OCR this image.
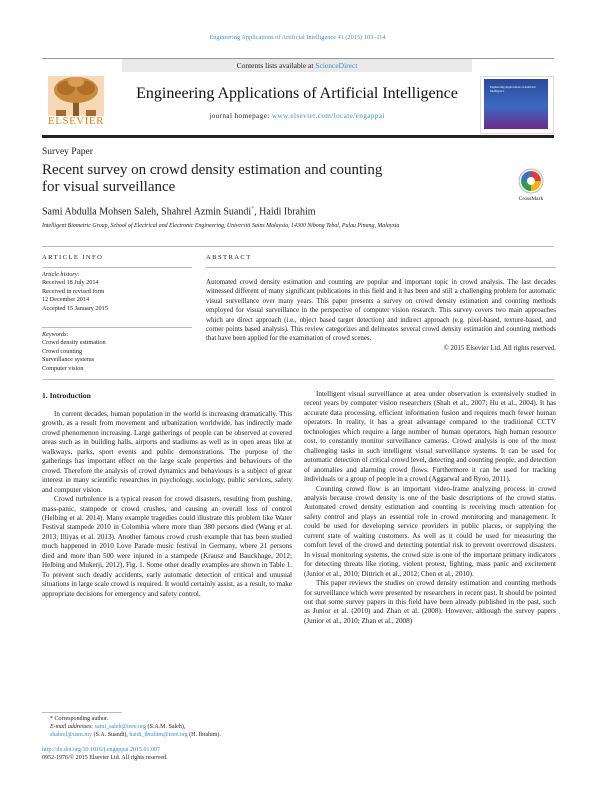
Engineering Applications of Artificial Intelligence 41 (2015) 103–114
Contents lists available at ScienceDirect
ELSEVIER
Engineering Applications of Artificial Intelligence
journal homepage: www.elsevier.com/locate/engappai
Engineering Applications of Artificial Intelligence
Survey Paper
Recent survey on crowd density estimation and counting
for visual surveillance
CrossMark
Sami Abdulla Mohsen Saleh, Shahrel Azmin Suandi*, Haidi Ibrahim
Intelligent Biometric Group, School of Electrical and Electronic Engineering, Universiti Sains Malaysia, 14300 Nibong Tebal, Pulau Pinang, Malaysia
ARTICLE INFO
Article history:
Received 18 July 2014
Received in revised form
12 December 2014
Accepted 15 January 2015
Keywords:
Crowd density estimation
Crowd counting
Surveillance systems
Computer vision
ABSTRACT
Automated crowd density estimation and counting are popular and important topic in crowd analysis. The last decades witnessed different of many significant publications in this field and it has been and still a challenging problem for automatic visual surveillance over many years. This paper presents a survey on crowd density estimation and counting methods employed for visual surveillance in the perspective of computer vision research. This survey covers two main approaches which are direct approach (i.e., object based target detection) and indirect approach (e.g. pixel-based, texture-based, and corner points based analysis). This review categorizes and delineates several crowd density estimation and counting methods that have been applied for the examination of crowd scenes.
© 2015 Elsevier Ltd. All rights reserved.
1. Introduction

In current decades, human population in the world is increasing dramatically. This growth, as a result from movement and urbanization worldwide, has indirectly made crowd phenomenon increasing. Large gatherings of people can be observed at covered areas such as in building halls, airports and stadiums as well as in open areas like at walkways, parks, sport events and public demonstrations. The purpose of the gatherings has important effect on the large scale properties and behaviours of the crowd. Therefore the analysis of crowd dynamics and behaviours is a subject of great interest in many scientific researches in psychology, sociology, public services, safety and computer vision.

Crowd turbulence is a typical reason for crowd disasters, resulting from pushing, mass-panic, stampede or crowd crushes, and causing an overall loss of control (Helbing et al. 2014). Many example tragedies could illustrate this problem like Water Festival stampede 2010 in Colombia where more than 380 persons died (Wang et al. 2013; Illiyas et al. 2013). Another famous crowd crush example that has been studied much happened in 2010 Love Parade music festival in Germany, where 21 persons died and more than 500 were injured in a stampede (Krausz and Bauckhage, 2012; Helbing and Mukerji, 2012), Fig. 1. Some other deadly examples are shown in Table 1. To prevent such deadly accidents, early automatic detection of critical and unusual situations in large scale crowd is required. It would certainly assist, as a result, to make appropriate decisions for emergency and safety control.

Intelligent visual surveillance at area under observation is extensively studied in recent years by computer vision researchers (Shah et al., 2007; Hu et al., 2004). It has accurate data processing, efficient information fusion and requires much fewer human operators. In reality, it has a great advantage compared to the traditional CCTV technologies which require a large number of human operators, high human resource cost, to constantly monitor surveillance cameras. Crowd analysis is one of the most challenging tasks in such intelligent visual surveillance systems. It can be used for automatic detection of critical crowd level, detecting and counting people, and detection of anomalies and alarming crowd flows. Furthermore it can be used for tracking individuals or a group of people in a crowd (Aggarwal and Ryoo, 2011).

Counting crowd flow is an important video-frame analyzing process in crowd analysis because crowd density is one of the basic descriptions of the crowd status. Automated crowd density estimation and counting is receiving much attention for safety control and plays an essential role in crowd monitoring and management. It could be used for developing service providers in public places, or supplying the current state of waiting customers. As well as it could be used for measuring the comfort level of the crowd and detecting potential risk to prevent overcrowd disasters. In visual monitoring systems, the crowd size is one of the important primary indicators for detecting threats like rioting, violent protest, fighting, mass panic and excitement (Junior et al., 2010; Dittrich et al., 2012; Chen et al., 2010).

This paper reviews the studies on crowd density estimation and counting methods for surveillance which were presented by researchers in recent past. It should be pointed out that some survey papers in this field have been already published in the past, such as Junior et al. (2010) and Zhan et al. (2008). However, although the survey papers (Junior et al., 2010; Zhan et al., 2008)

* Corresponding author.
E-mail addresses: sami_saleh@ieee.org (S.A.M. Saleh),
shahrel@usm.my (S.A. Suandi), haidi_ibrahim@ieee.org (H. Ibrahim).
http://dx.doi.org/10.1016/j.engappai.2015.01.007
0952-1976/© 2015 Elsevier Ltd. All rights reserved.
